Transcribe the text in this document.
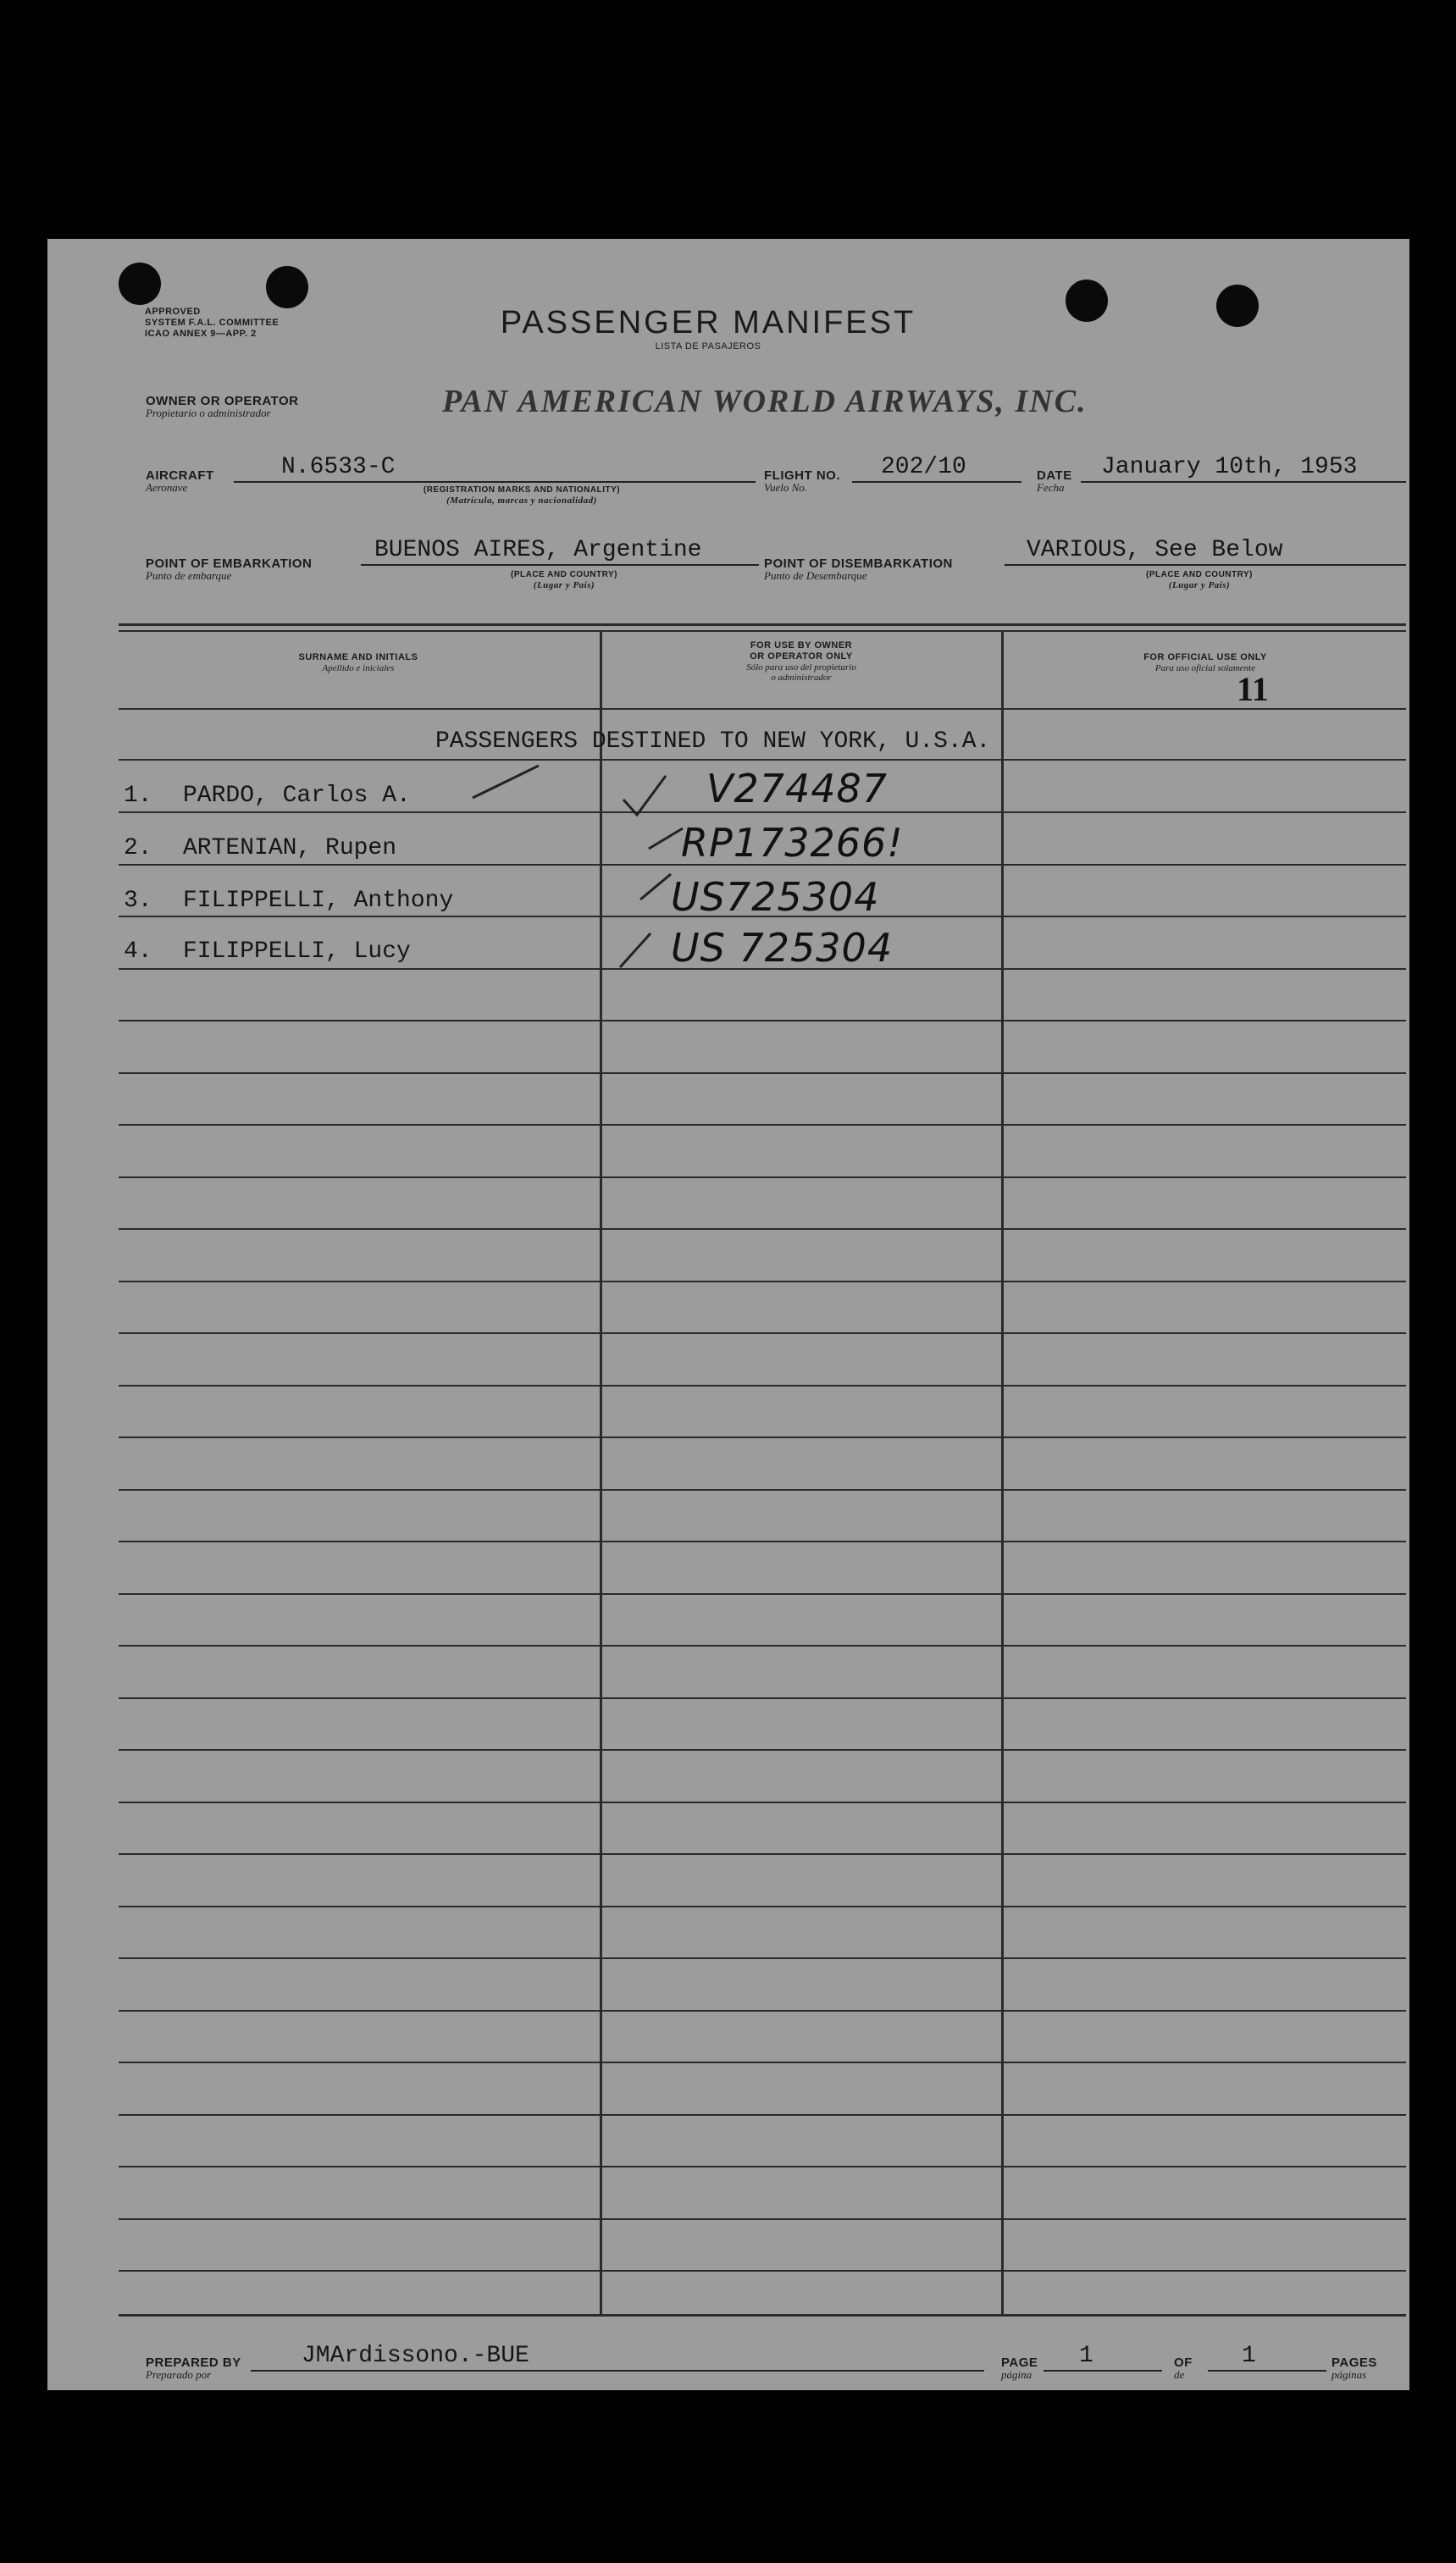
APPROVED
SYSTEM F.A.L. COMMITTEE
ICAO ANNEX 9—APP. 2	PASSENGER MANIFEST
LISTA DE PASAJEROS
OWNER OR OPERATOR
Propietario o administrador	PAN AMERICAN WORLD AIRWAYS, INC.
AIRCRAFT
Aeronave
N.6533-C
(REGISTRATION MARKS AND NATIONALITY)
(Matrícula, marcas y nacionalidad)
FLIGHT NO.
Vuelo No.
202/10	DATE
Fecha
January 10th, 1953
POINT OF EMBARKATION
Punto de embarque
BUENOS AIRES, Argentine
(PLACE AND COUNTRY)
(Lugar y País)
POINT OF DISEMBARKATION
Punto de Desembarque
VARIOUS, See Below
(PLACE AND COUNTRY)
(Lugar y País)
SURNAME AND INITIALS
Apellido e iniciales
FOR USE BY OWNER
OR OPERATOR ONLY
Sólo para uso del propietario
o administrador
FOR OFFICIAL USE ONLY
Para uso oficial solamente
11
PASSENGERS DESTINED TO NEW YORK, U.S.A.
1. PARDO, Carlos A.	V274487
2. ARTENIAN, Rupen	RP173266!
3. FILIPPELLI, Anthony	US725304
4. FILIPPELLI, Lucy	US 725304
PREPARED BY
Preparado por
JMArdissono.-BUE	PAGE
página
1	OF
de
1	PAGES
páginas
